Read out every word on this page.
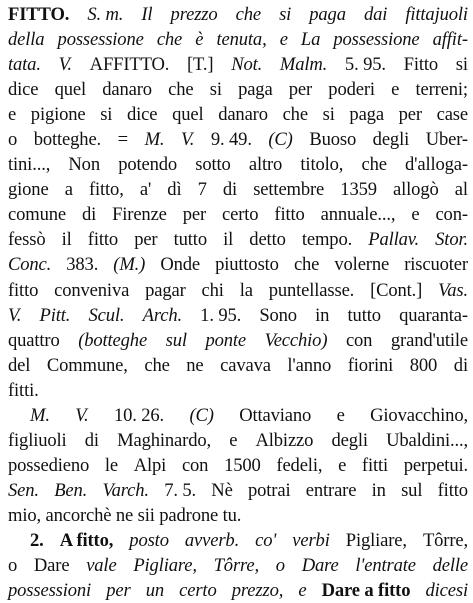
FITTO. S. m. Il prezzo che si paga dai fittajuoli
della possessione che è tenuta, e La possessione affit-
tata. V. AFFITTO. [T.] Not. Malm. 5. 95. Fitto si
dice quel danaro che si paga per poderi e terreni;
e pigione si dice quel danaro che si paga per case
o botteghe. = M. V. 9. 49. (C) Buoso degli Uber-
tini..., Non potendo sotto altro titolo, che d'alloga-
gione a fitto, a' dì 7 di settembre 1359 allogò al
comune di Firenze per certo fitto annuale..., e con-
fessò il fitto per tutto il detto tempo. Pallav. Stor.
Conc. 383. (M.) Onde piuttosto che volerne riscuoter
fitto conveniva pagar chi la puntellasse. [Cont.] Vas.
V. Pitt. Scul. Arch. 1. 95. Sono in tutto quaranta-
quattro (botteghe sul ponte Vecchio) con grand'utile
del Commune, che ne cavava l'anno fiorini 800 di
fitti.
M. V. 10. 26. (C) Ottaviano e Giovacchino,
figliuoli di Maghinardo, e Albizzo degli Ubaldini...,
possedieno le Alpi con 1500 fedeli, e fitti perpetui.
Sen. Ben. Varch. 7. 5. Nè potrai entrare in sul fitto
mio, ancorchè ne sii padrone tu.
2. A fitto, posto avverb. co' verbi Pigliare, Tôrre,
o Dare vale Pigliare, Tôrre, o Dare l'entrate delle
possessioni per un certo prezzo, e Dare a fitto dicesi
